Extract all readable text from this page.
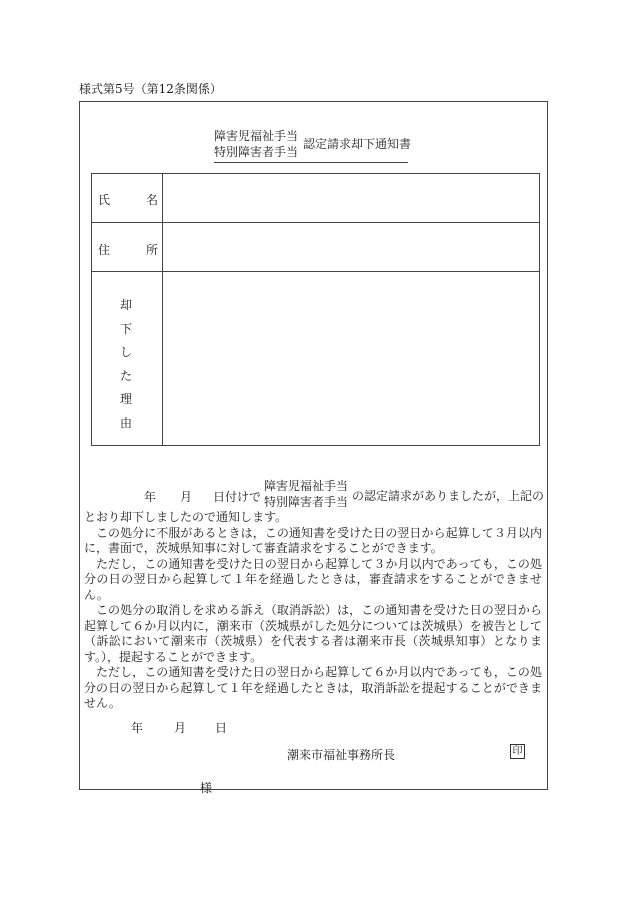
様式第5号（第12条関係）
障害児福祉手当
特別障害者手当
認定請求却下通知書
氏　　　名
住　　　所
却
下
し
た
理
由
年 月 日付けで
障害児福祉手当
特別障害者手当 の認定請求がありましたが，上記の

とおり却下しましたので通知します。

この処分に不服があるときは，この通知書を受けた日の翌日から起算して３月以内に，書面で，茨城県知事に対して審査請求をすることができます。

ただし，この通知書を受けた日の翌日から起算して３か月以内であっても，この処分の日の翌日から起算して１年を経過したときは，審査請求をすることができません。

この処分の取消しを求める訴え（取消訴訟）は，この通知書を受けた日の翌日から起算して６か月以内に，潮来市（茨城県がした処分については茨城県）を被告として（訴訟において潮来市（茨城県）を代表する者は潮来市長（茨城県知事）となります。），提起することができます。

ただし，この通知書を受けた日の翌日から起算して６か月以内であっても，この処分の日の翌日から起算して１年を経過したときは，取消訴訟を提起することができません。

年	月 日
潮来市福祉事務所長	印
様
